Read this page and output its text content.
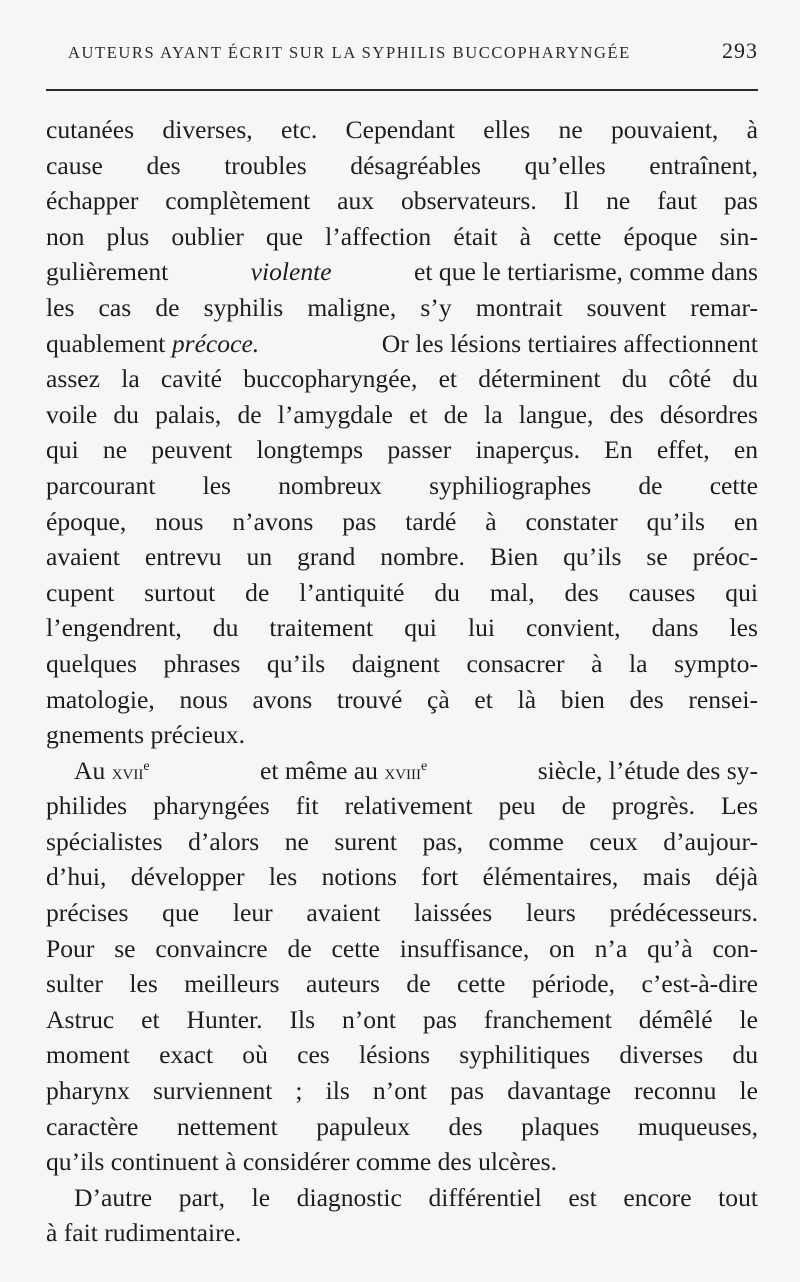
AUTEURS AYANT ÉCRIT SUR LA SYPHILIS BUCCOPHARYNGÉE	293
cutanées diverses, etc. Cependant elles ne pouvaient, à
cause des troubles désagréables qu’elles entraînent,
échapper complètement aux observateurs. Il ne faut pas
non plus oublier que l’affection était à cette époque sin-
gulièrement	violente	et que le tertiarisme, comme dans
les cas de syphilis maligne, s’y montrait souvent remar-
quablement précoce.	Or les lésions tertiaires affectionnent
assez la cavité buccopharyngée, et déterminent du côté du
voile du palais, de l’amygdale et de la langue, des désordres
qui ne peuvent longtemps passer inaperçus. En effet, en
parcourant les nombreux syphiliographes de cette
époque, nous n’avons pas tardé à constater qu’ils en
avaient entrevu un grand nombre. Bien qu’ils se préoc-
cupent surtout de l’antiquité du mal, des causes qui
l’engendrent, du traitement qui lui convient, dans les
quelques phrases qu’ils daignent consacrer à la sympto-
matologie, nous avons trouvé çà et là bien des rensei-
gnements précieux.
Au xvii$^e$	et même au xviii$^e$	siècle, l’étude des sy-
philides pharyngées fit relativement peu de progrès. Les
spécialistes d’alors ne surent pas, comme ceux d’aujour-
d’hui, développer les notions fort élémentaires, mais déjà
précises que leur avaient laissées leurs prédécesseurs.
Pour se convaincre de cette insuffisance, on n’a qu’à con-
sulter les meilleurs auteurs de cette période, c’est-à-dire
Astruc et Hunter. Ils n’ont pas franchement démêlé le
moment exact où ces lésions syphilitiques diverses du
pharynx surviennent ; ils n’ont pas davantage reconnu le
caractère nettement papuleux des plaques muqueuses,
qu’ils continuent à considérer comme des ulcères.
D’autre part, le diagnostic différentiel est encore tout
à fait rudimentaire.
